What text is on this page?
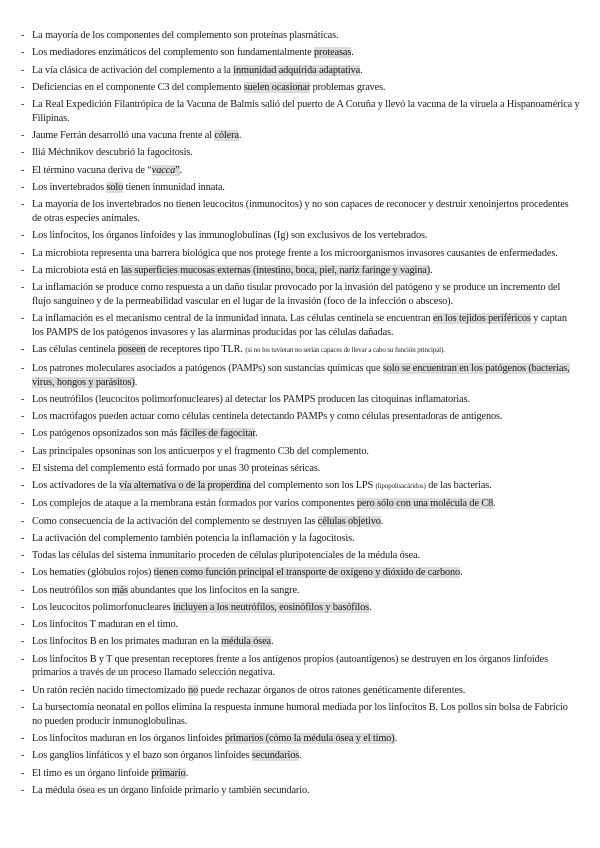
- La mayoría de los componentes del complemento son proteínas plasmáticas.
- Los mediadores enzimáticos del complemento son fundamentalmente proteasas.
- La vía clásica de activación del complemento a la inmunidad adquirida adaptativa.
- Deficiencias en el componente C3 del complemento suelen ocasionar problemas graves.
- La Real Expedición Filantrópica de la Vacuna de Balmis salió del puerto de A Coruña y llevó la vacuna de la viruela a Hispanoamérica y Filipinas.
- Jaume Ferrán desarrolló una vacuna frente al cólera.
- Iliá Méchnikov descubrió la fagocitosis.
- El término vacuna deriva de “vacca”.
- Los invertebrados solo tienen inmunidad innata.
- La mayoría de los invertebrados no tienen leucocitos (inmunocitos) y no son capaces de reconocer y destruir xenoinjertos procedentes de otras especies animales.
- Los linfocitos, los órganos linfoides y las inmunoglobulinas (Ig) son exclusivos de los vertebrados.
- La microbiota representa una barrera biológica que nos protege frente a los microorganismos invasores causantes de enfermedades.
- La microbiota está en las superficies mucosas externas (intestino, boca, piel, nariz faringe y vagina).
- La inflamación se produce como respuesta a un daño tisular provocado por la invasión del patógeno y se produce un incremento del flujo sanguíneo y de la permeabilidad vascular en el lugar de la invasión (foco de la infección o absceso).
- La inflamación es el mecanismo central de la inmunidad innata. Las células centinela se encuentran en los tejidos periféricos y captan los PAMPS de los patógenos invasores y las alarminas producidas por las células dañadas.
- Las células centinela poseen de receptores tipo TLR. (si no los tuvieran no serían capaces de llevar a cabo su función principal).
- Los patrones moleculares asociados a patógenos (PAMPs) son sustancias químicas que solo se encuentran en los patógenos (bacterias, virus, hongos y parásitos).
- Los neutrófilos (leucocitos polimorfonucleares) al detectar los PAMPS producen las citoquinas inflamatorias.
- Los macrófagos pueden actuar como células centinela detectando PAMPs y como células presentadoras de antígenos.
- Los patógenos opsonizados son más fáciles de fagocitar.
- Las principales opsoninas son los anticuerpos y el fragmento C3b del complemento.
- El sistema del complemento está formado por unas 30 proteínas séricas.
- Los activadores de la vía alternativa o de la properdina del complemento son los LPS (lipopolisacáridos) de las bacterias.
- Los complejos de ataque a la membrana están formados por varios componentes pero sólo con una molécula de C8.
- Como consecuencia de la activación del complemento se destruyen las células objetivo.
- La activación del complemento también potencia la inflamación y la fagocitosis.
- Todas las células del sistema inmunitario proceden de células pluripotenciales de la médula ósea.
- Los hematíes (glóbulos rojos) tienen como función principal el transporte de oxígeno y dióxido de carbono.
- Los neutrófilos son más abundantes que los linfocitos en la sangre.
- Los leucocitos polimorfonucleares incluyen a los neutrófilos, eosinófilos y basófilos.
- Los linfocitos T maduran en el timo.
- Los linfocitos B en los primates maduran en la médula ósea.
- Los linfocitos B y T que presentan receptores frente a los antígenos propios (autoantígenos) se destruyen en los órganos linfoides primarios a través de un proceso llamado selección negativa.
- Un ratón recién nacido timectomizado no puede rechazar órganos de otros ratones genéticamente diferentes.
- La bursectomía neonatal en pollos elimina la respuesta inmune humoral mediada por los linfocitos B. Los pollos sin bolsa de Fabricio no pueden producir inmunoglobulinas.
- Los linfocitos maduran en los órganos linfoides primarios (cómo la médula ósea y el timo).
- Los ganglios linfáticos y el bazo son órganos linfoides secundarios.
- El timo es un órgano linfoide primario.
- La médula ósea es un órgano linfoide primario y también secundario.
